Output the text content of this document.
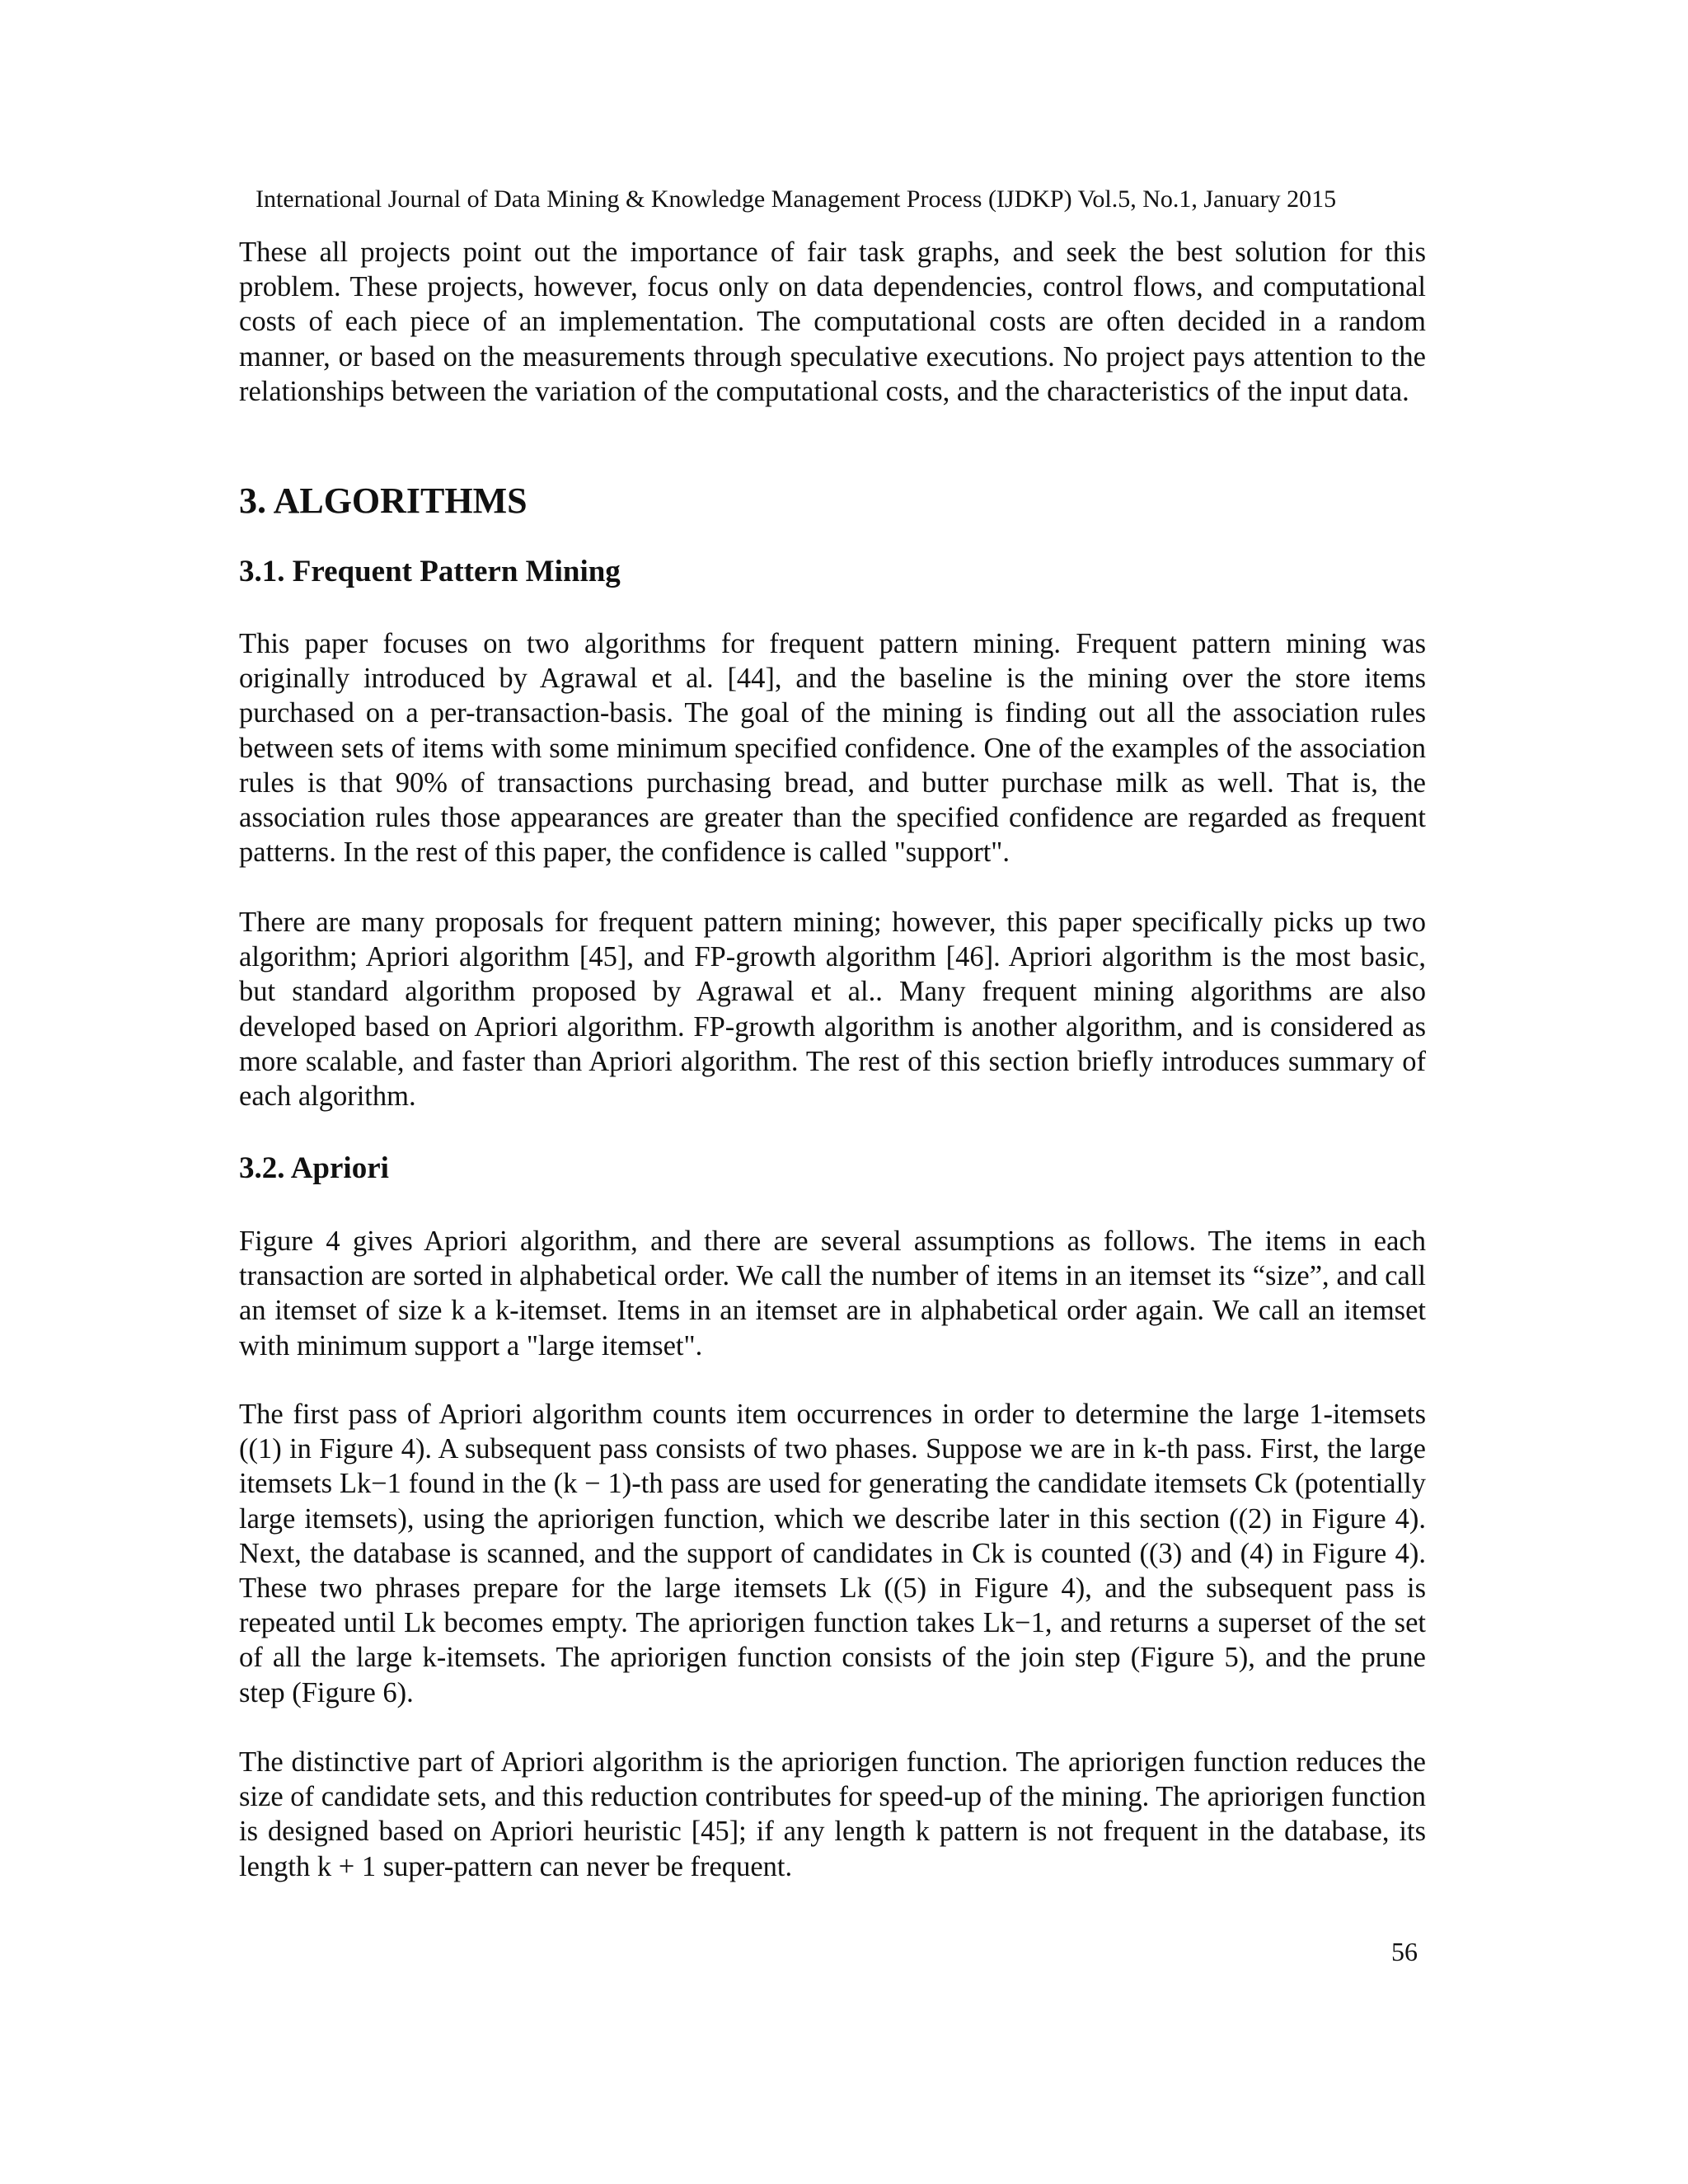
International Journal of Data Mining & Knowledge Management Process (IJDKP) Vol.5, No.1, January 2015

These all projects point out the importance of fair task graphs, and seek the best solution for this problem. These projects, however, focus only on data dependencies, control flows, and computational costs of each piece of an implementation. The computational costs are often decided in a random manner, or based on the measurements through speculative executions. No project pays attention to the relationships between the variation of the computational costs, and the characteristics of the input data.

3. ALGORITHMS
3.1. Frequent Pattern Mining

This paper focuses on two algorithms for frequent pattern mining. Frequent pattern mining was originally introduced by Agrawal et al. [44], and the baseline is the mining over the store items purchased on a per-transaction-basis. The goal of the mining is finding out all the association rules between sets of items with some minimum specified confidence. One of the examples of the association rules is that 90% of transactions purchasing bread, and butter purchase milk as well. That is, the association rules those appearances are greater than the specified confidence are regarded as frequent patterns. In the rest of this paper, the confidence is called "support".

There are many proposals for frequent pattern mining; however, this paper specifically picks up two algorithm; Apriori algorithm [45], and FP-growth algorithm [46]. Apriori algorithm is the most basic, but standard algorithm proposed by Agrawal et al.. Many frequent mining algorithms are also developed based on Apriori algorithm. FP-growth algorithm is another algorithm, and is considered as more scalable, and faster than Apriori algorithm. The rest of this section briefly introduces summary of each algorithm.

3.2. Apriori

Figure 4 gives Apriori algorithm, and there are several assumptions as follows. The items in each transaction are sorted in alphabetical order. We call the number of items in an itemset its “size”, and call an itemset of size k a k-itemset. Items in an itemset are in alphabetical order again. We call an itemset with minimum support a "large itemset".

The first pass of Apriori algorithm counts item occurrences in order to determine the large 1-itemsets ((1) in Figure 4). A subsequent pass consists of two phases. Suppose we are in k-th pass. First, the large itemsets Lk−1 found in the (k − 1)-th pass are used for generating the candidate itemsets Ck (potentially large itemsets), using the apriorigen function, which we describe later in this section ((2) in Figure 4). Next, the database is scanned, and the support of candidates in Ck is counted ((3) and (4) in Figure 4). These two phrases prepare for the large itemsets Lk ((5) in Figure 4), and the subsequent pass is repeated until Lk becomes empty. The apriorigen function takes Lk−1, and returns a superset of the set of all the large k-itemsets. The apriorigen function consists of the join step (Figure 5), and the prune step (Figure 6).

The distinctive part of Apriori algorithm is the apriorigen function. The apriorigen function reduces the size of candidate sets, and this reduction contributes for speed-up of the mining. The apriorigen function is designed based on Apriori heuristic [45]; if any length k pattern is not frequent in the database, its length k + 1 super-pattern can never be frequent.

56
